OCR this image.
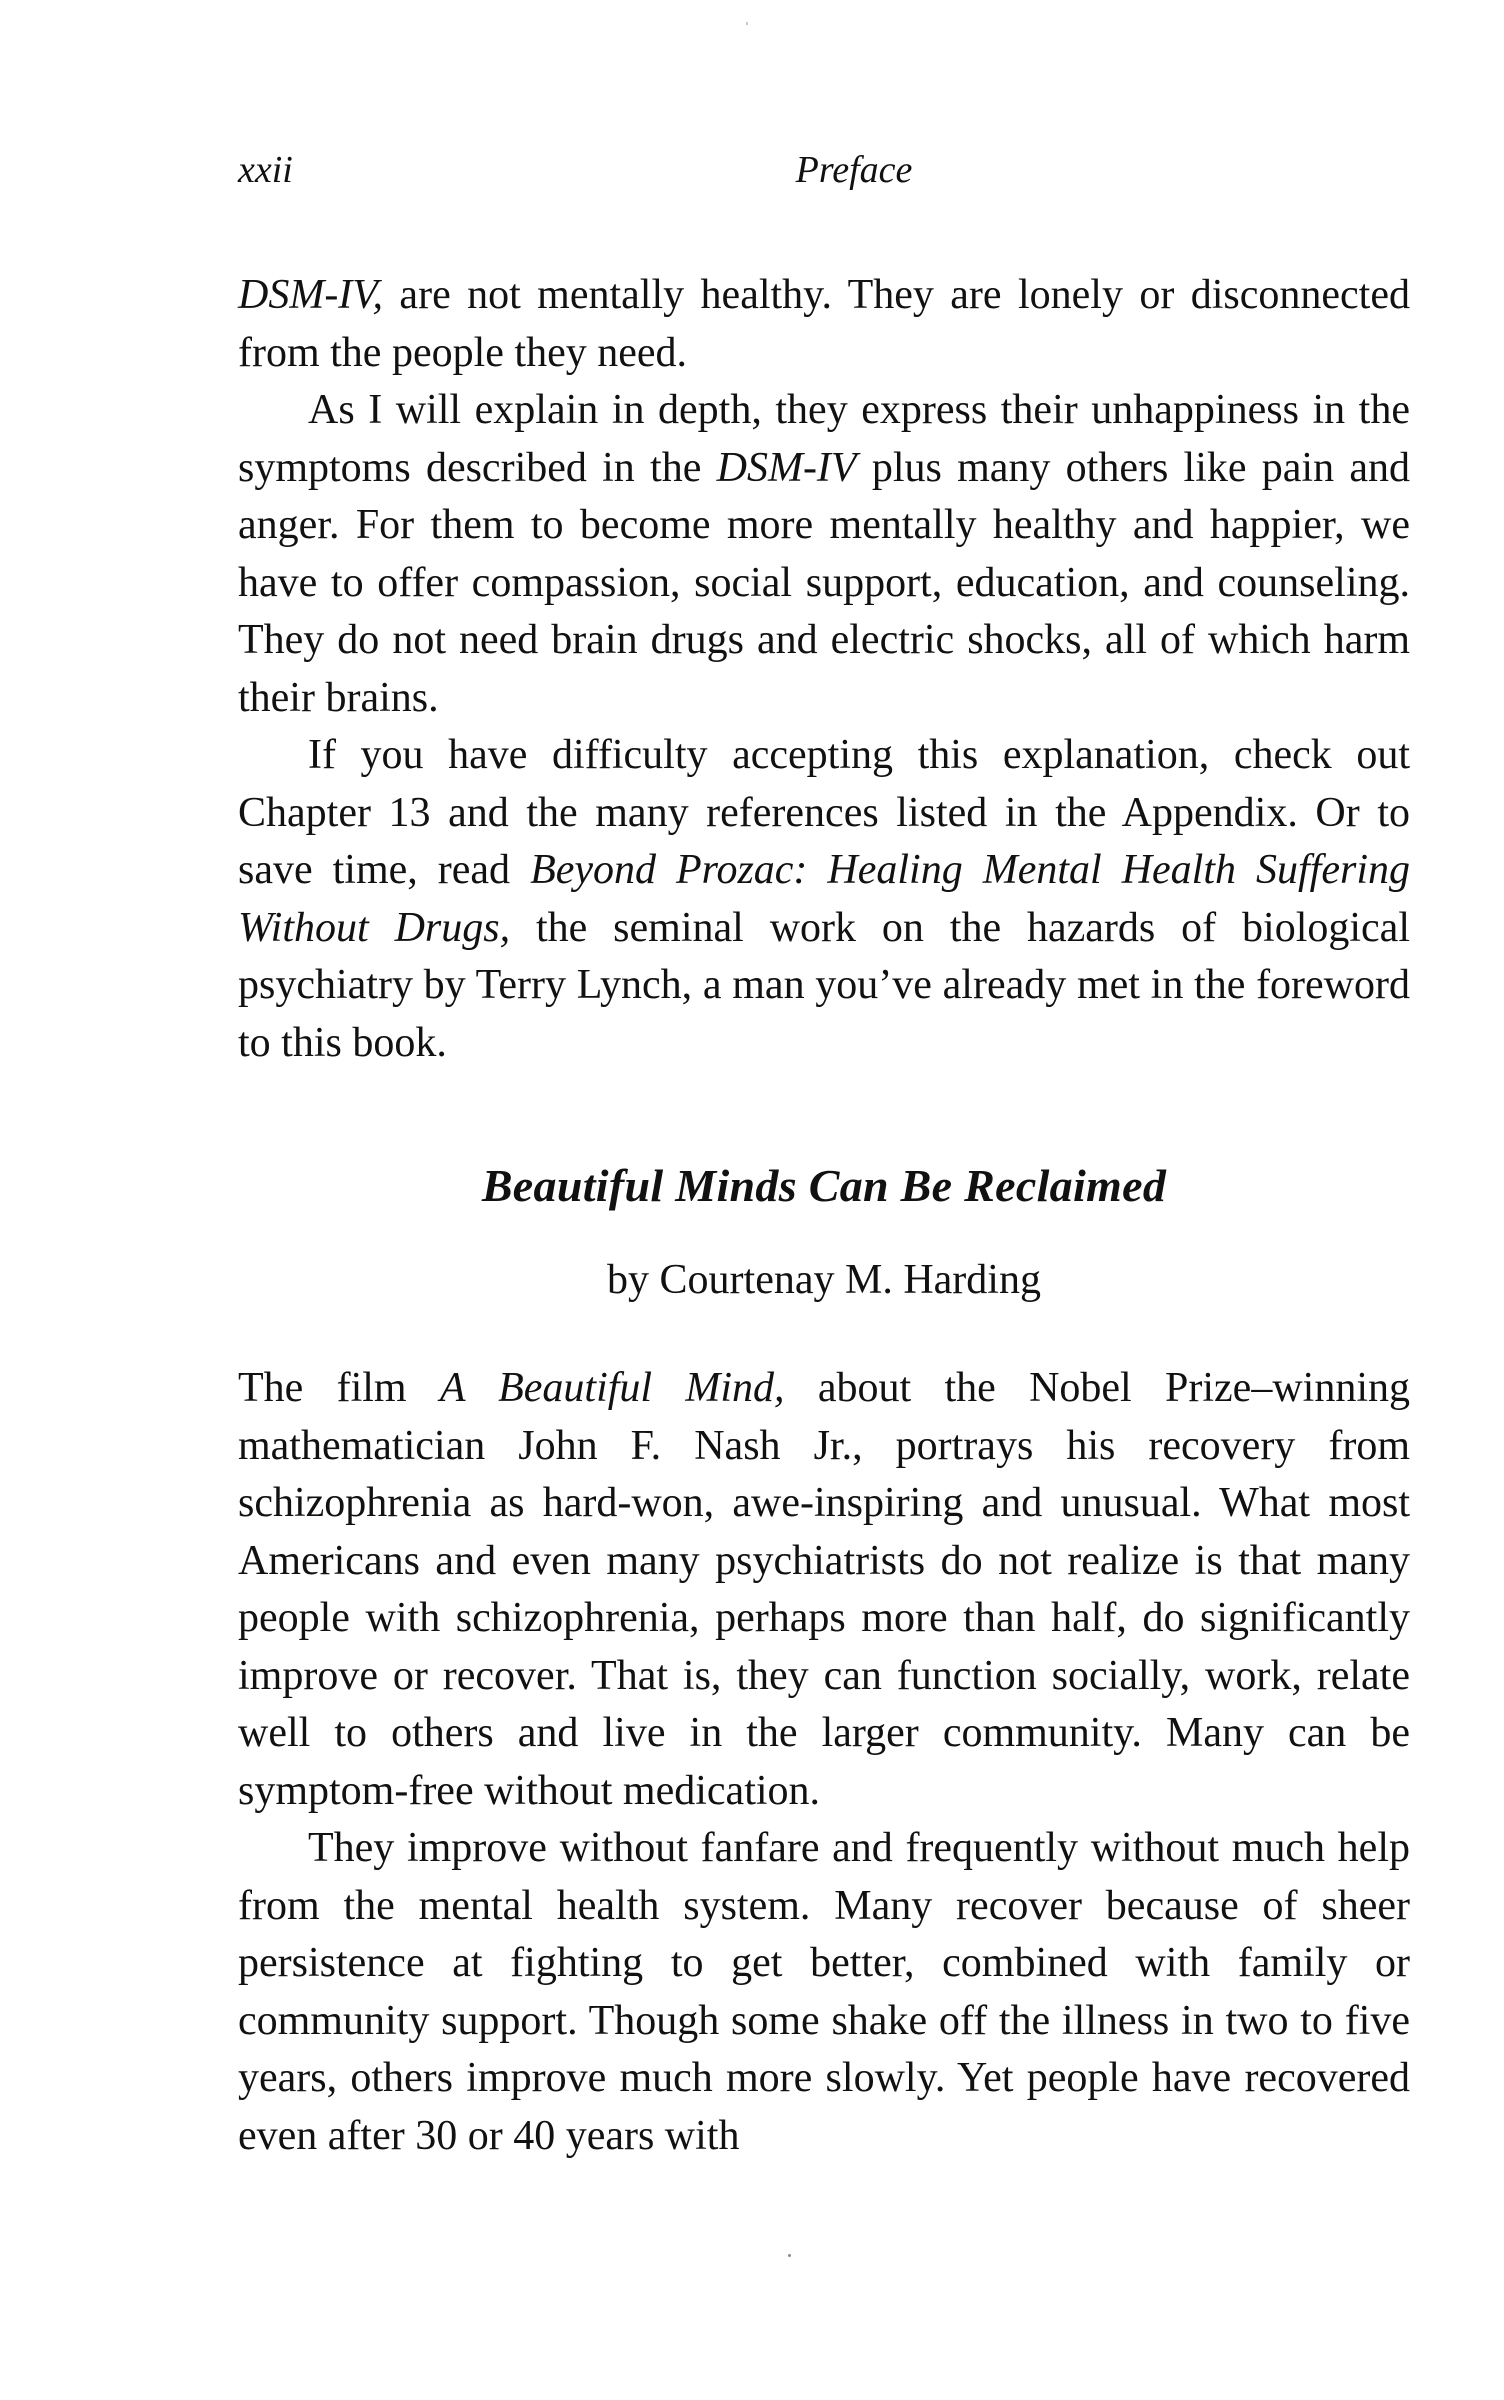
xxii	Preface

DSM-IV, are not mentally healthy. They are lonely or disconnected from the people they need.

As I will explain in depth, they express their unhappiness in the symptoms described in the DSM-IV plus many others like pain and anger. For them to become more mentally healthy and happier, we have to offer compassion, social support, education, and counseling. They do not need brain drugs and electric shocks, all of which harm their brains.

If you have difficulty accepting this explanation, check out Chapter 13 and the many references listed in the Appendix. Or to save time, read Beyond Prozac: Healing Mental Health Suffering Without Drugs, the seminal work on the hazards of biological psychiatry by Terry Lynch, a man you’ve already met in the foreword to this book.

Beautiful Minds Can Be Reclaimed
by Courtenay M. Harding

The film A Beautiful Mind, about the Nobel Prize–winning mathematician John F. Nash Jr., portrays his recovery from schizophrenia as hard-won, awe-inspiring and unusual. What most Americans and even many psychiatrists do not realize is that many people with schizophrenia, perhaps more than half, do significantly improve or recover. That is, they can function socially, work, relate well to others and live in the larger community. Many can be symptom-free without medication.

They improve without fanfare and frequently without much help from the mental health system. Many recover because of sheer persistence at fighting to get better, combined with family or community support. Though some shake off the illness in two to five years, others improve much more slowly. Yet people have recovered even after 30 or 40 years with
